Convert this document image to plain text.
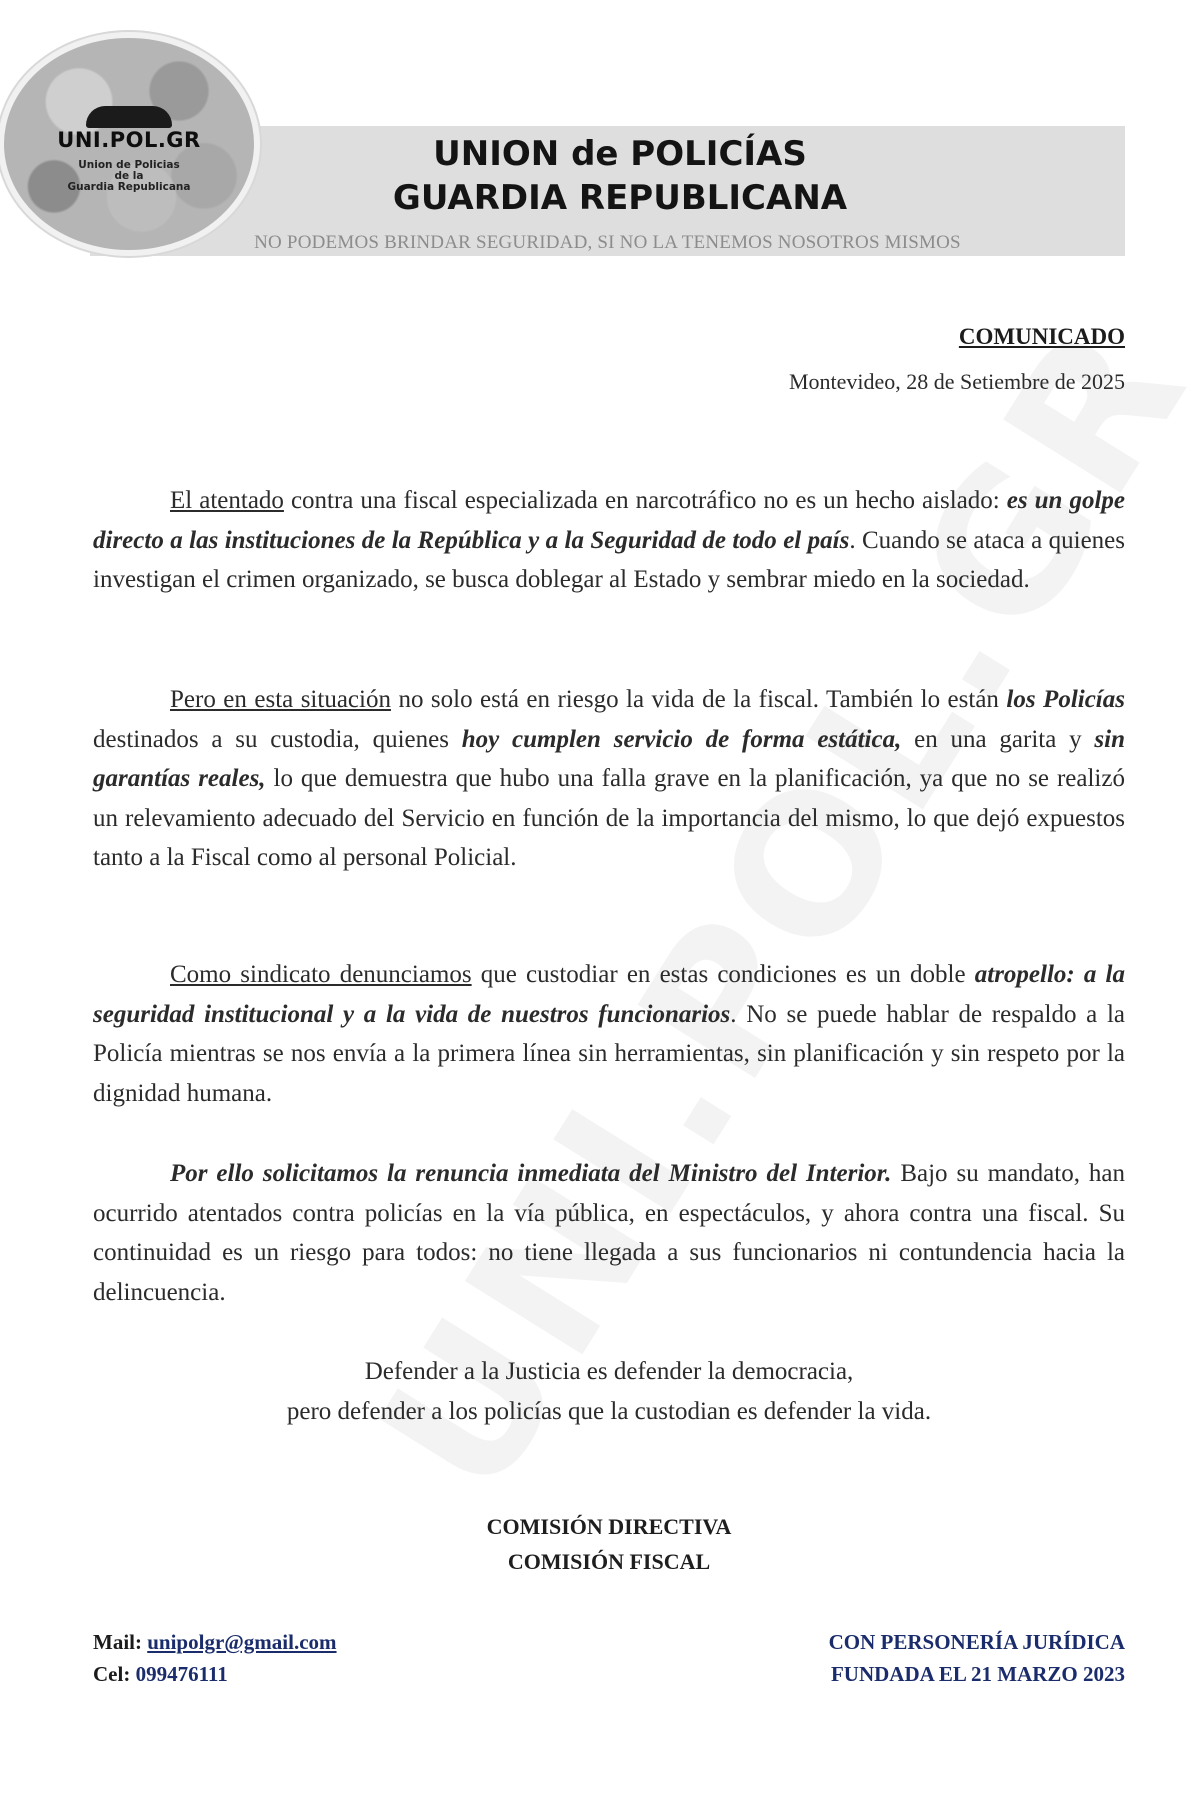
UNI.POL.GR
Union de Policias
de la
Guardia Republicana
UNION de POLICÍAS
GUARDIA REPUBLICANA
NO PODEMOS BRINDAR SEGURIDAD, SI NO LA TENEMOS NOSOTROS MISMOS
COMUNICADO
Montevideo, 28 de Setiembre de 2025

El atentado contra una fiscal especializada en narcotráfico no es un hecho aislado: es un golpe directo a las instituciones de la República y a la Seguridad de todo el país. Cuando se ataca a quienes investigan el crimen organizado, se busca doblegar al Estado y sembrar miedo en la sociedad.

Pero en esta situación no solo está en riesgo la vida de la fiscal. También lo están los Policías destinados a su custodia, quienes hoy cumplen servicio de forma estática, en una garita y sin garantías reales, lo que demuestra que hubo una falla grave en la planificación, ya que no se realizó un relevamiento adecuado del Servicio en función de la importancia del mismo, lo que dejó expuestos tanto a la Fiscal como al personal Policial.

Como sindicato denunciamos que custodiar en estas condiciones es un doble atropello: a la seguridad institucional y a la vida de nuestros funcionarios. No se puede hablar de respaldo a la Policía mientras se nos envía a la primera línea sin herramientas, sin planificación y sin respeto por la dignidad humana.

Por ello solicitamos la renuncia inmediata del Ministro del Interior. Bajo su mandato, han ocurrido atentados contra policías en la vía pública, en espectáculos, y ahora contra una fiscal. Su continuidad es un riesgo para todos: no tiene llegada a sus funcionarios ni contundencia hacia la delincuencia.

Defender a la Justicia es defender la democracia,
pero defender a los policías que la custodian es defender la vida.
COMISIÓN DIRECTIVA
COMISIÓN FISCAL
Mail: unipolgr@gmail.com
Cel: 099476111
CON PERSONERÍA JURÍDICA
FUNDADA EL 21 MARZO 2023
